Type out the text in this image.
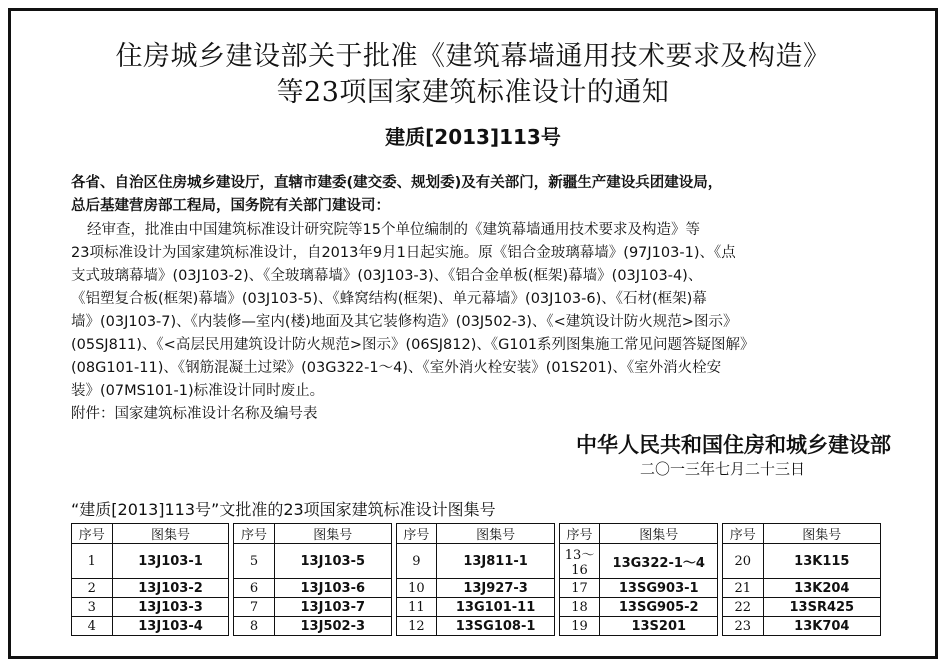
住房城乡建设部关于批准《建筑幕墙通用技术要求及构造》
等23项国家建筑标准设计的通知
建质[2013]113号
各省、自治区住房城乡建设厅，直辖市建委(建交委、规划委)及有关部门，新疆生产建设兵团建设局，
总后基建营房部工程局，国务院有关部门建设司：
经审查，批准由中国建筑标准设计研究院等15个单位编制的《建筑幕墙通用技术要求及构造》等
23项标准设计为国家建筑标准设计，自2013年9月1日起实施。原《铝合金玻璃幕墙》(97J103-1)、《点
支式玻璃幕墙》(03J103-2)、《全玻璃幕墙》(03J103-3)、《铝合金单板(框架)幕墙》(03J103-4)、
《铝塑复合板(框架)幕墙》(03J103-5)、《蜂窝结构(框架)、单元幕墙》(03J103-6)、《石材(框架)幕
墙》(03J103-7)、《内装修—室内(楼)地面及其它装修构造》(03J502-3)、《<建筑设计防火规范>图示》
(05SJ811)、《<高层民用建筑设计防火规范>图示》(06SJ812)、《G101系列图集施工常见问题答疑图解》
(08G101-11)、《钢筋混凝土过梁》(03G322-1～4)、《室外消火栓安装》(01S201)、《室外消火栓安
装》(07MS101-1)标准设计同时废止。
附件：国家建筑标准设计名称及编号表
中华人民共和国住房和城乡建设部
二〇一三年七月二十三日
“建质[2013]113号”文批准的23项国家建筑标准设计图集号
序号	图集号		序号	图集号		序号	图集号		序号	图集号		序号	图集号
1	13J103-1		5	13J103-5		9	13J811-1		13～16	13G322-1～4		20	13K115
2	13J103-2		6	13J103-6		10	13J927-3		17	13SG903-1		21	13K204
3	13J103-3		7	13J103-7		11	13G101-11		18	13SG905-2		22	13SR425
4	13J103-4		8	13J502-3		12	13SG108-1		19	13S201		23	13K704
